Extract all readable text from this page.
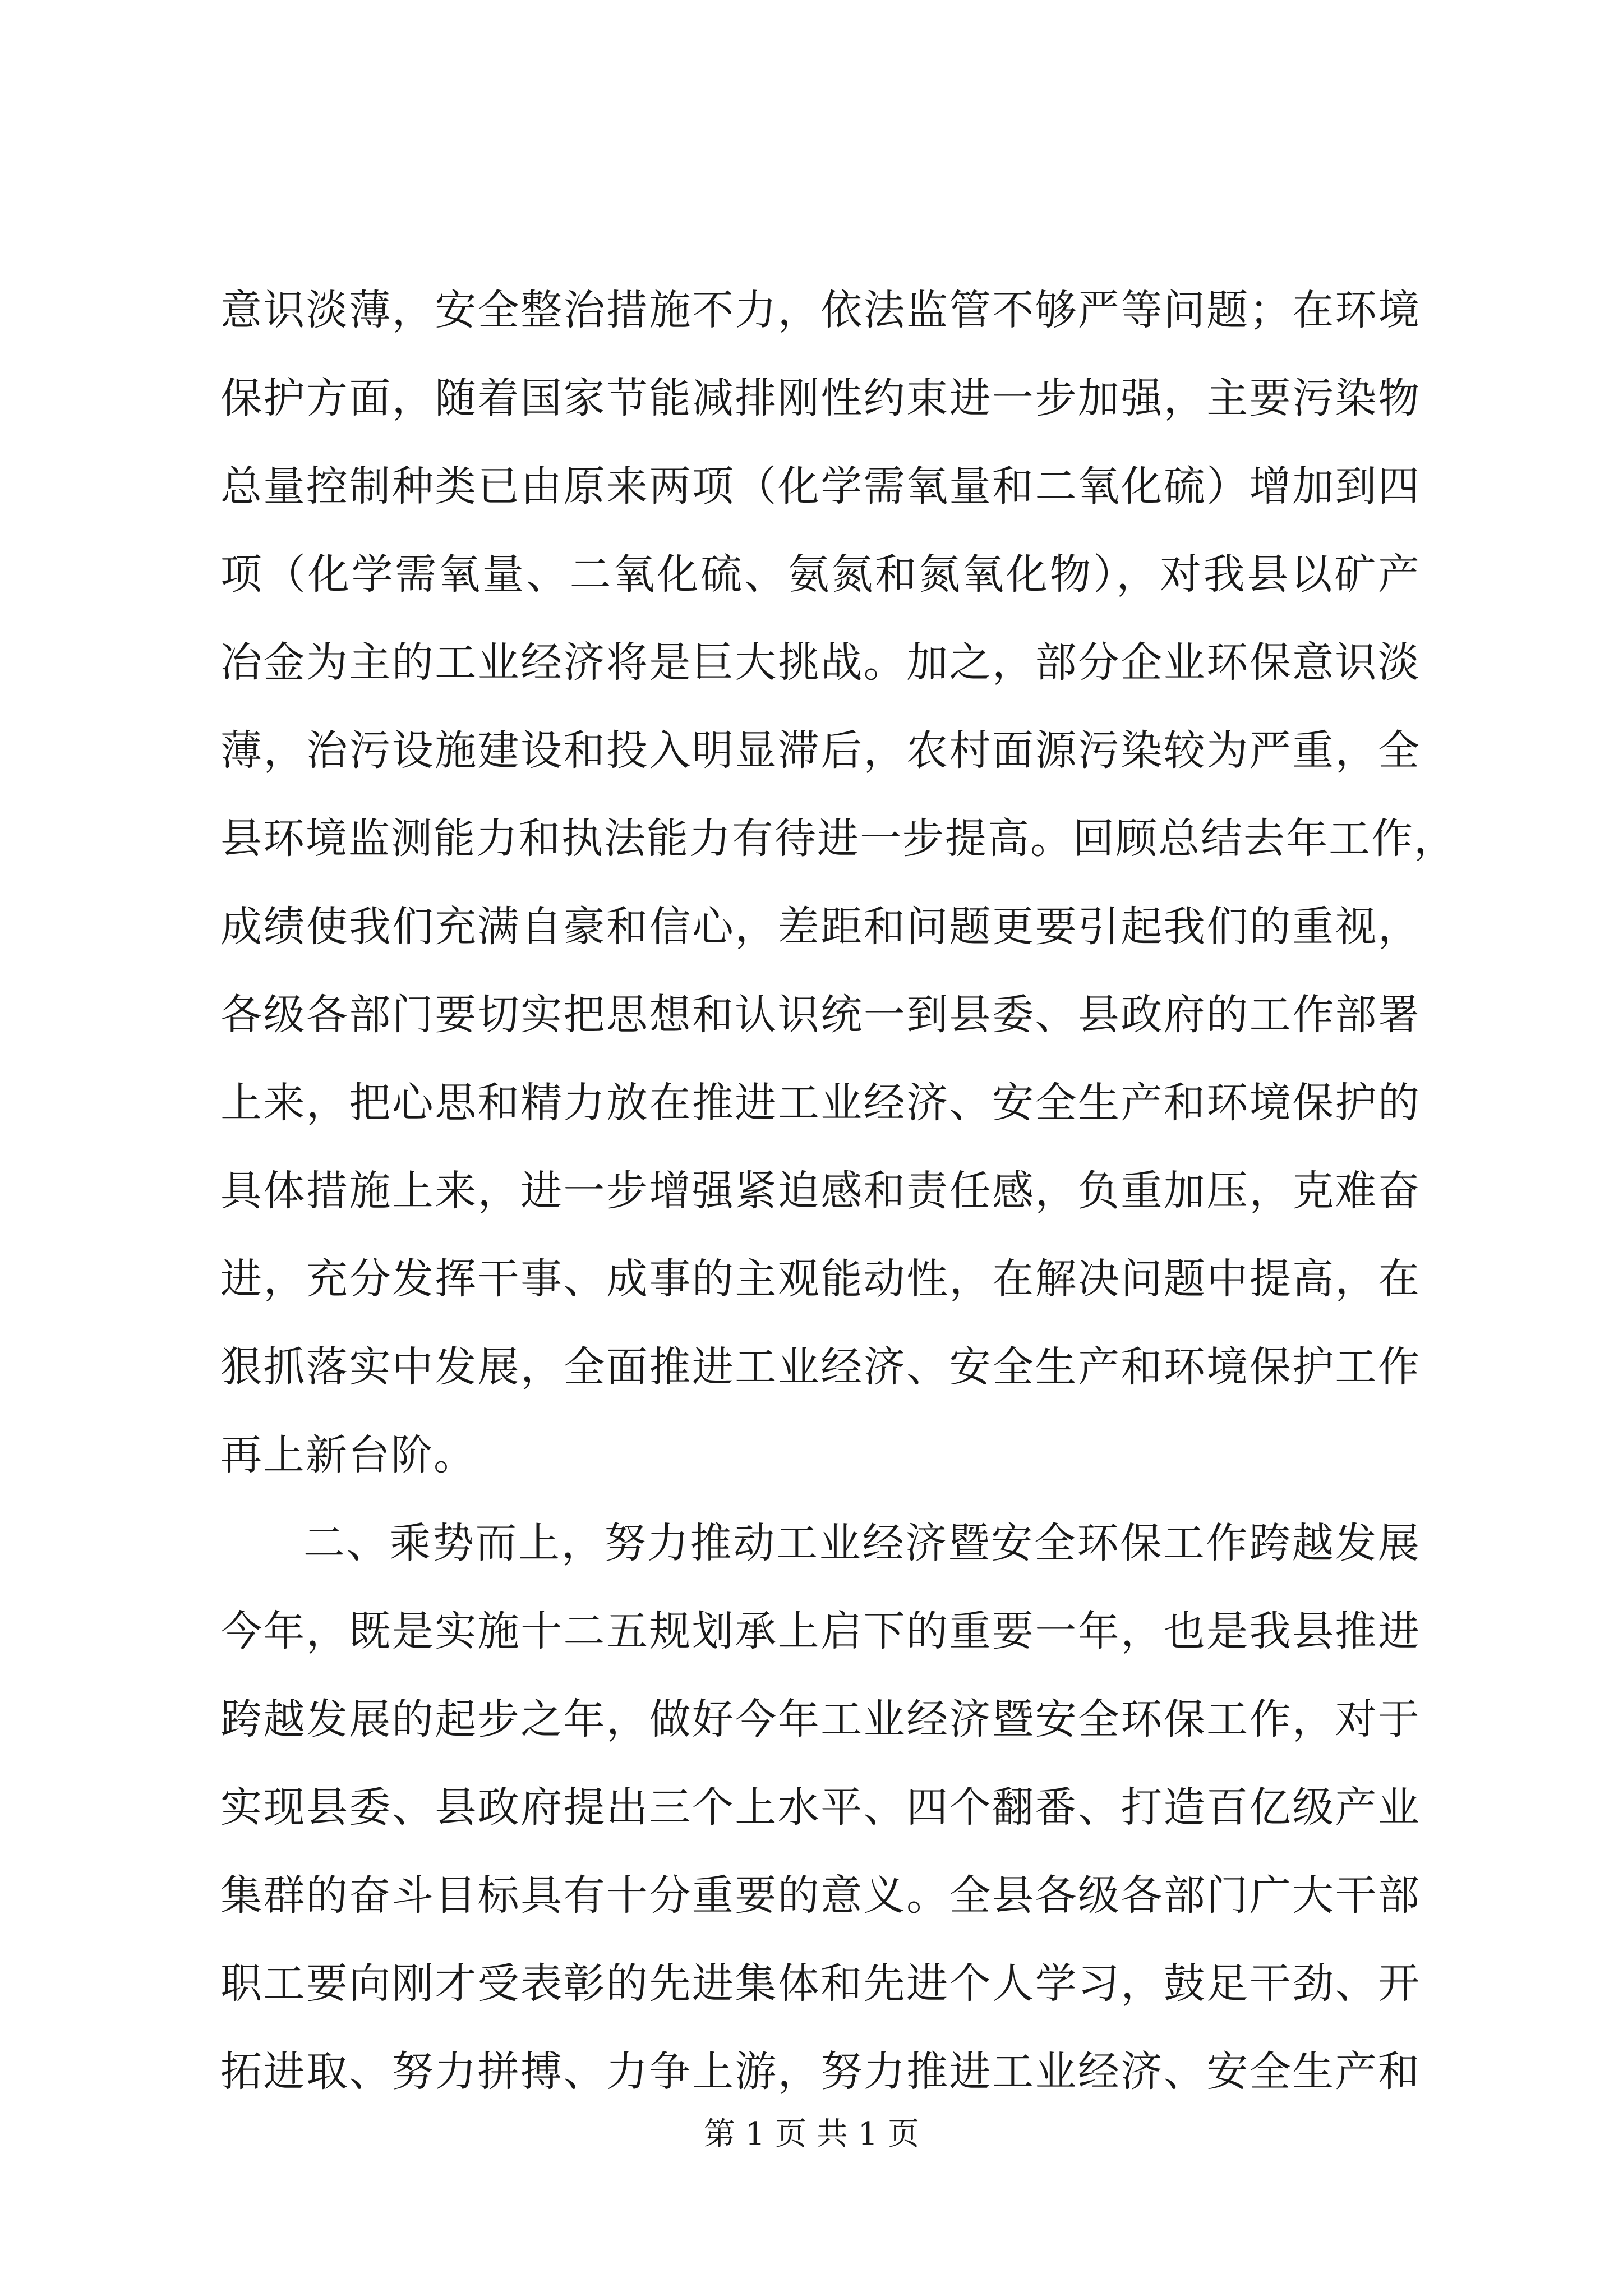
意识淡薄，安全整治措施不力，依法监管不够严等问题；在环境
保护方面，随着国家节能减排刚性约束进一步加强，主要污染物
总量控制种类已由原来两项（化学需氧量和二氧化硫）增加到四
项（化学需氧量、二氧化硫、氨氮和氮氧化物），对我县以矿产
冶金为主的工业经济将是巨大挑战。加之，部分企业环保意识淡
薄，治污设施建设和投入明显滞后，农村面源污染较为严重，全
县环境监测能力和执法能力有待进一步提高。回顾总结去年工作，
成绩使我们充满自豪和信心，差距和问题更要引起我们的重视，
各级各部门要切实把思想和认识统一到县委、县政府的工作部署
上来，把心思和精力放在推进工业经济、安全生产和环境保护的
具体措施上来，进一步增强紧迫感和责任感，负重加压，克难奋
进，充分发挥干事、成事的主观能动性，在解决问题中提高，在
狠抓落实中发展，全面推进工业经济、安全生产和环境保护工作
再上新台阶。
二、乘势而上，努力推动工业经济暨安全环保工作跨越发展
今年，既是实施十二五规划承上启下的重要一年，也是我县推进
跨越发展的起步之年，做好今年工业经济暨安全环保工作，对于
实现县委、县政府提出三个上水平、四个翻番、打造百亿级产业
集群的奋斗目标具有十分重要的意义。全县各级各部门广大干部
职工要向刚才受表彰的先进集体和先进个人学习，鼓足干劲、开
拓进取、努力拼搏、力争上游，努力推进工业经济、安全生产和
第 1 页 共 1 页
